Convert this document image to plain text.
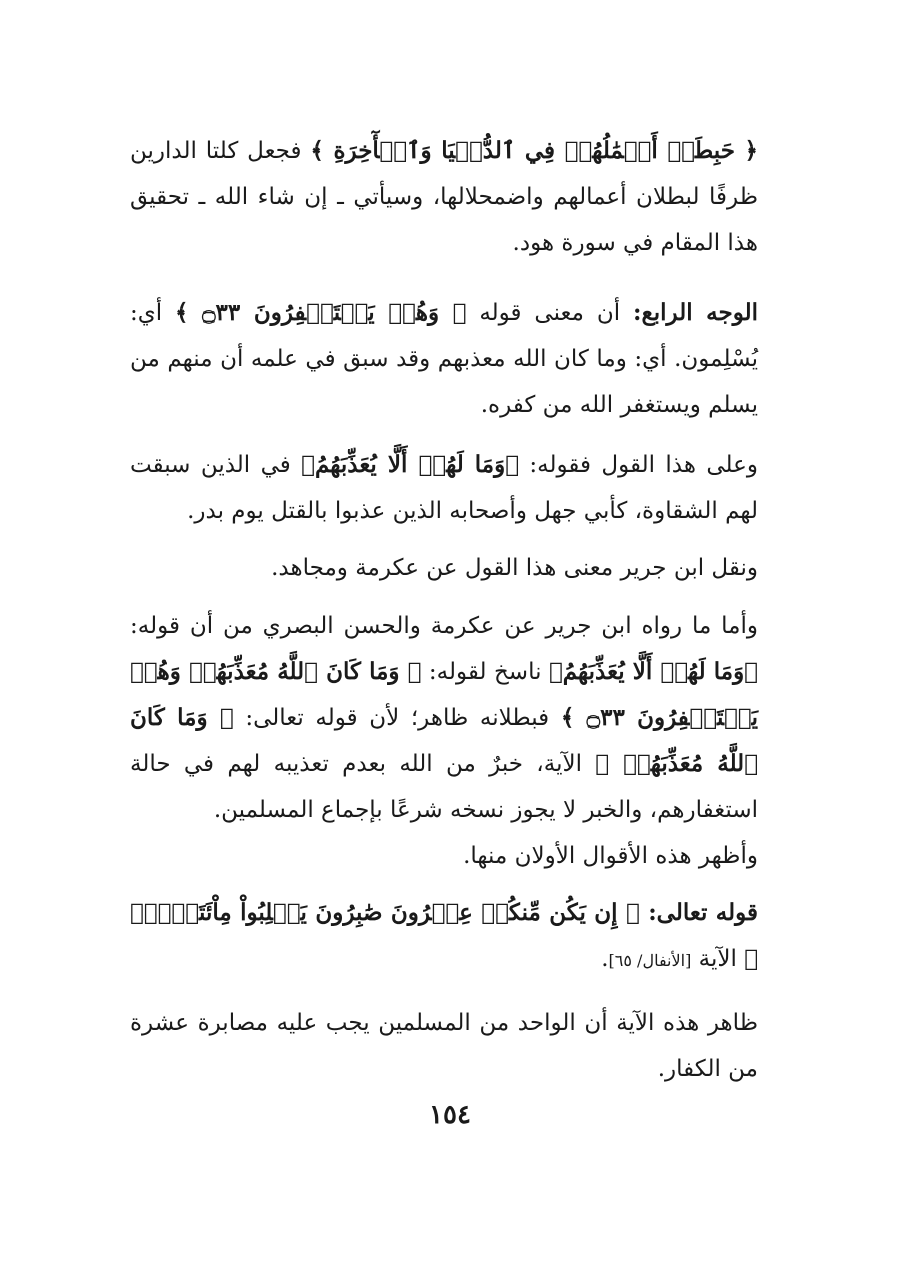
﴿ حَبِطَتۡ أَعۡمَٰلُهُمۡ فِي ٱلدُّنۡيَا وَٱلۡأٓخِرَةِ ﴾ فجعل كلتا الدارين ظرفًا لبطلان أعمالهم واضمحلالها، وسيأتي ـ إن شاء الله ـ تحقيق هذا المقام في سورة هود.

الوجه الرابع: أن معنى قوله ﴿ وَهُمۡ يَسۡتَغۡفِرُونَ ۝٣٣ ﴾ أي: يُسْلِمون. أي: وما كان الله معذبهم وقد سبق في علمه أن منهم من يسلم ويستغفر الله من كفره.

وعلى هذا القول فقوله: ﴿وَمَا لَهُمۡ أَلَّا يُعَذِّبَهُمُ﴾ في الذين سبقت لهم الشقاوة، كأبي جهل وأصحابه الذين عذبوا بالقتل يوم بدر.

ونقل ابن جرير معنى هذا القول عن عكرمة ومجاهد.

وأما ما رواه ابن جرير عن عكرمة والحسن البصري من أن قوله: ﴿وَمَا لَهُمۡ أَلَّا يُعَذِّبَهُمُ﴾ ناسخ لقوله: ﴿ وَمَا كَانَ ٱللَّهُ مُعَذِّبَهُمۡ وَهُمۡ يَسۡتَغۡفِرُونَ ۝٣٣ ﴾ فبطلانه ظاهر؛ لأن قوله تعالى: ﴿ وَمَا كَانَ ٱللَّهُ مُعَذِّبَهُمۡ ﴾ الآية، خبرٌ من الله بعدم تعذيبه لهم في حالة استغفارهم، والخبر لا يجوز نسخه شرعًا بإجماع المسلمين.

وأظهر هذه الأقوال الأولان منها.

قوله تعالى: ﴿ إِن يَكُن مِّنكُمۡ عِشۡرُونَ صَٰبِرُونَ يَغۡلِبُواْ مِاْئَتَيۡنِۚ ﴾ الآية [الأنفال/ ٦٥].

ظاهر هذه الآية أن الواحد من المسلمين يجب عليه مصابرة عشرة من الكفار.

١٥٤
